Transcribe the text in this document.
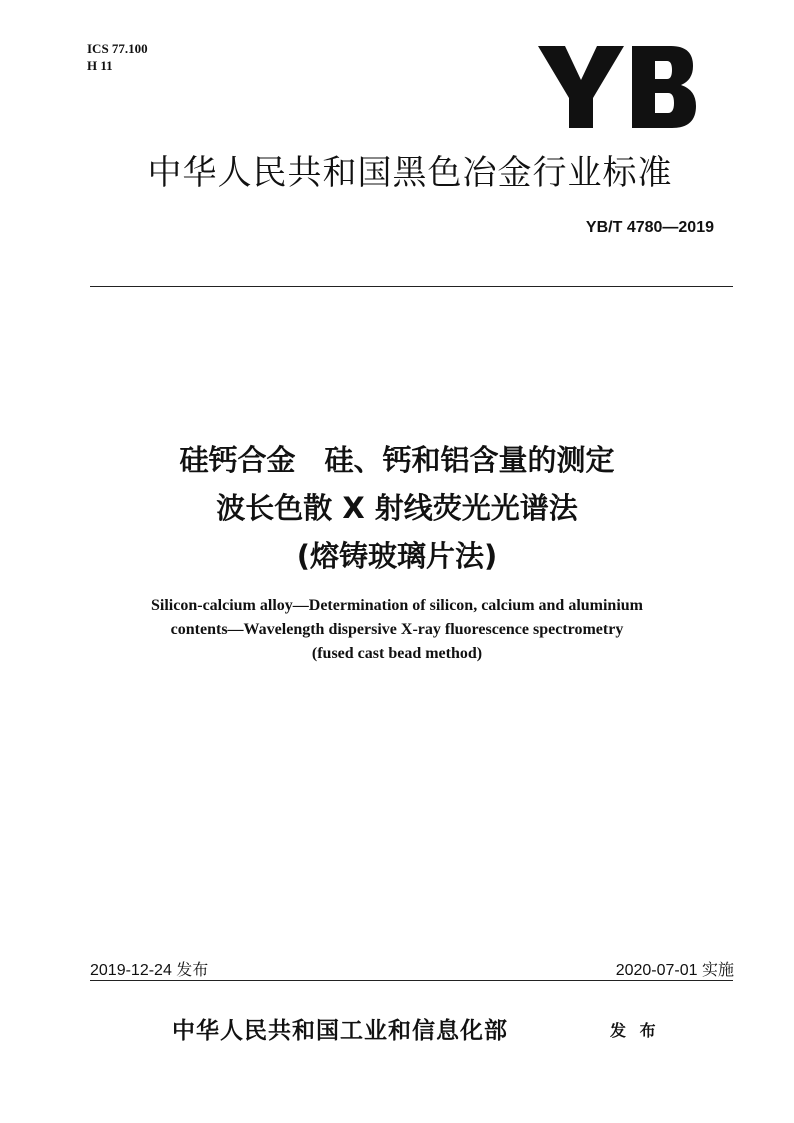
ICS 77.100
H 11
中华人民共和国黑色冶金行业标准
YB/T 4780—2019
硅钙合金　硅、钙和铝含量的测定
波长色散 X 射线荧光光谱法
(熔铸玻璃片法)
Silicon-calcium alloy—Determination of silicon, calcium and aluminium
contents—Wavelength dispersive X-ray fluorescence spectrometry
(fused cast bead method)
2019-12-24 发布	2020-07-01 实施
中华人民共和国工业和信息化部	发 布
